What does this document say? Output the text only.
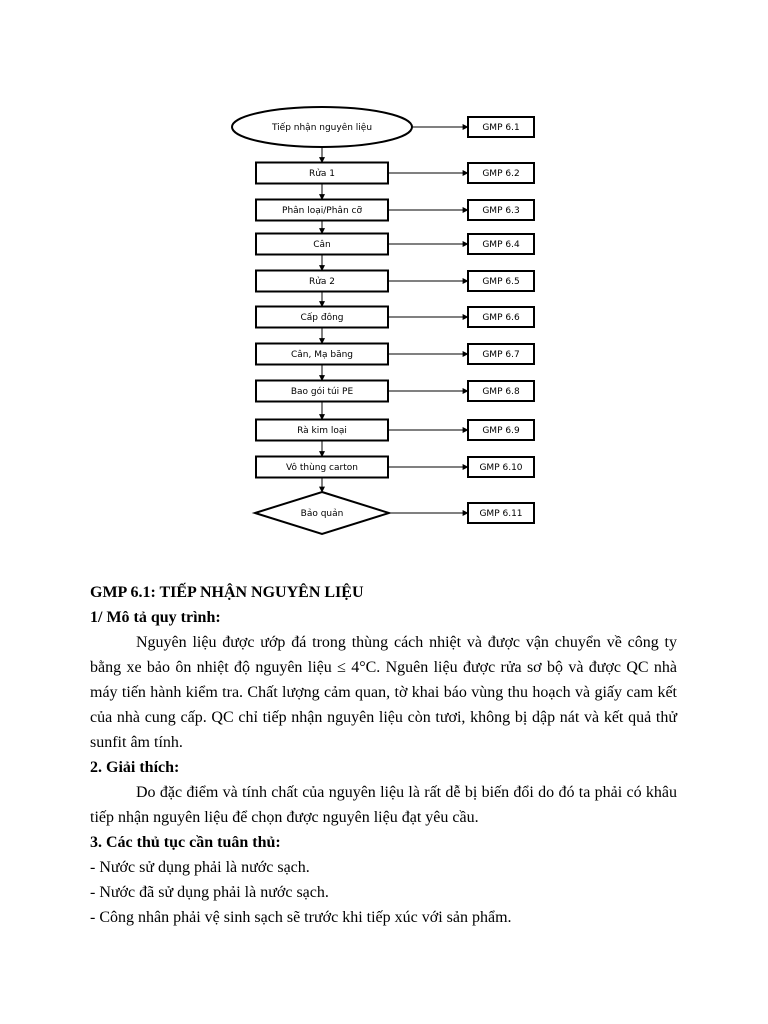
Tiếp nhận nguyên liệu	GMP 6.1
Rửa 1	GMP 6.2
Phân loại/Phân cỡ	GMP 6.3
Cân	GMP 6.4
Rửa 2	GMP 6.5
Cấp đông	GMP 6.6
Cân, Mạ băng	GMP 6.7
Bao gói túi PE	GMP 6.8
Rà kim loại	GMP 6.9
Vô thùng carton	GMP 6.10
Bảo quản	GMP 6.11
GMP 6.1: TIẾP NHẬN NGUYÊN LIỆU
1/ Mô tả quy trình:

Nguyên liệu được ướp đá trong thùng cách nhiệt và được vận chuyển về công ty bằng xe bảo ôn nhiệt độ nguyên liệu ≤ 4°C. Nguên liệu được rửa sơ bộ và được QC nhà máy tiến hành kiểm tra. Chất lượng cảm quan, tờ khai báo vùng thu hoạch và giấy cam kết của nhà cung cấp. QC chỉ tiếp nhận nguyên liệu còn tươi, không bị dập nát và kết quả thử sunfit âm tính.

2. Giải thích:

Do đặc điểm và tính chất của nguyên liệu là rất dễ bị biến đổi do đó ta phải có khâu tiếp nhận nguyên liệu để chọn được nguyên liệu đạt yêu cầu.

3. Các thủ tục cần tuân thủ:

- Nước sử dụng phải là nước sạch.

- Nước đã sử dụng phải là nước sạch.

- Công nhân phải vệ sinh sạch sẽ trước khi tiếp xúc với sản phẩm.
